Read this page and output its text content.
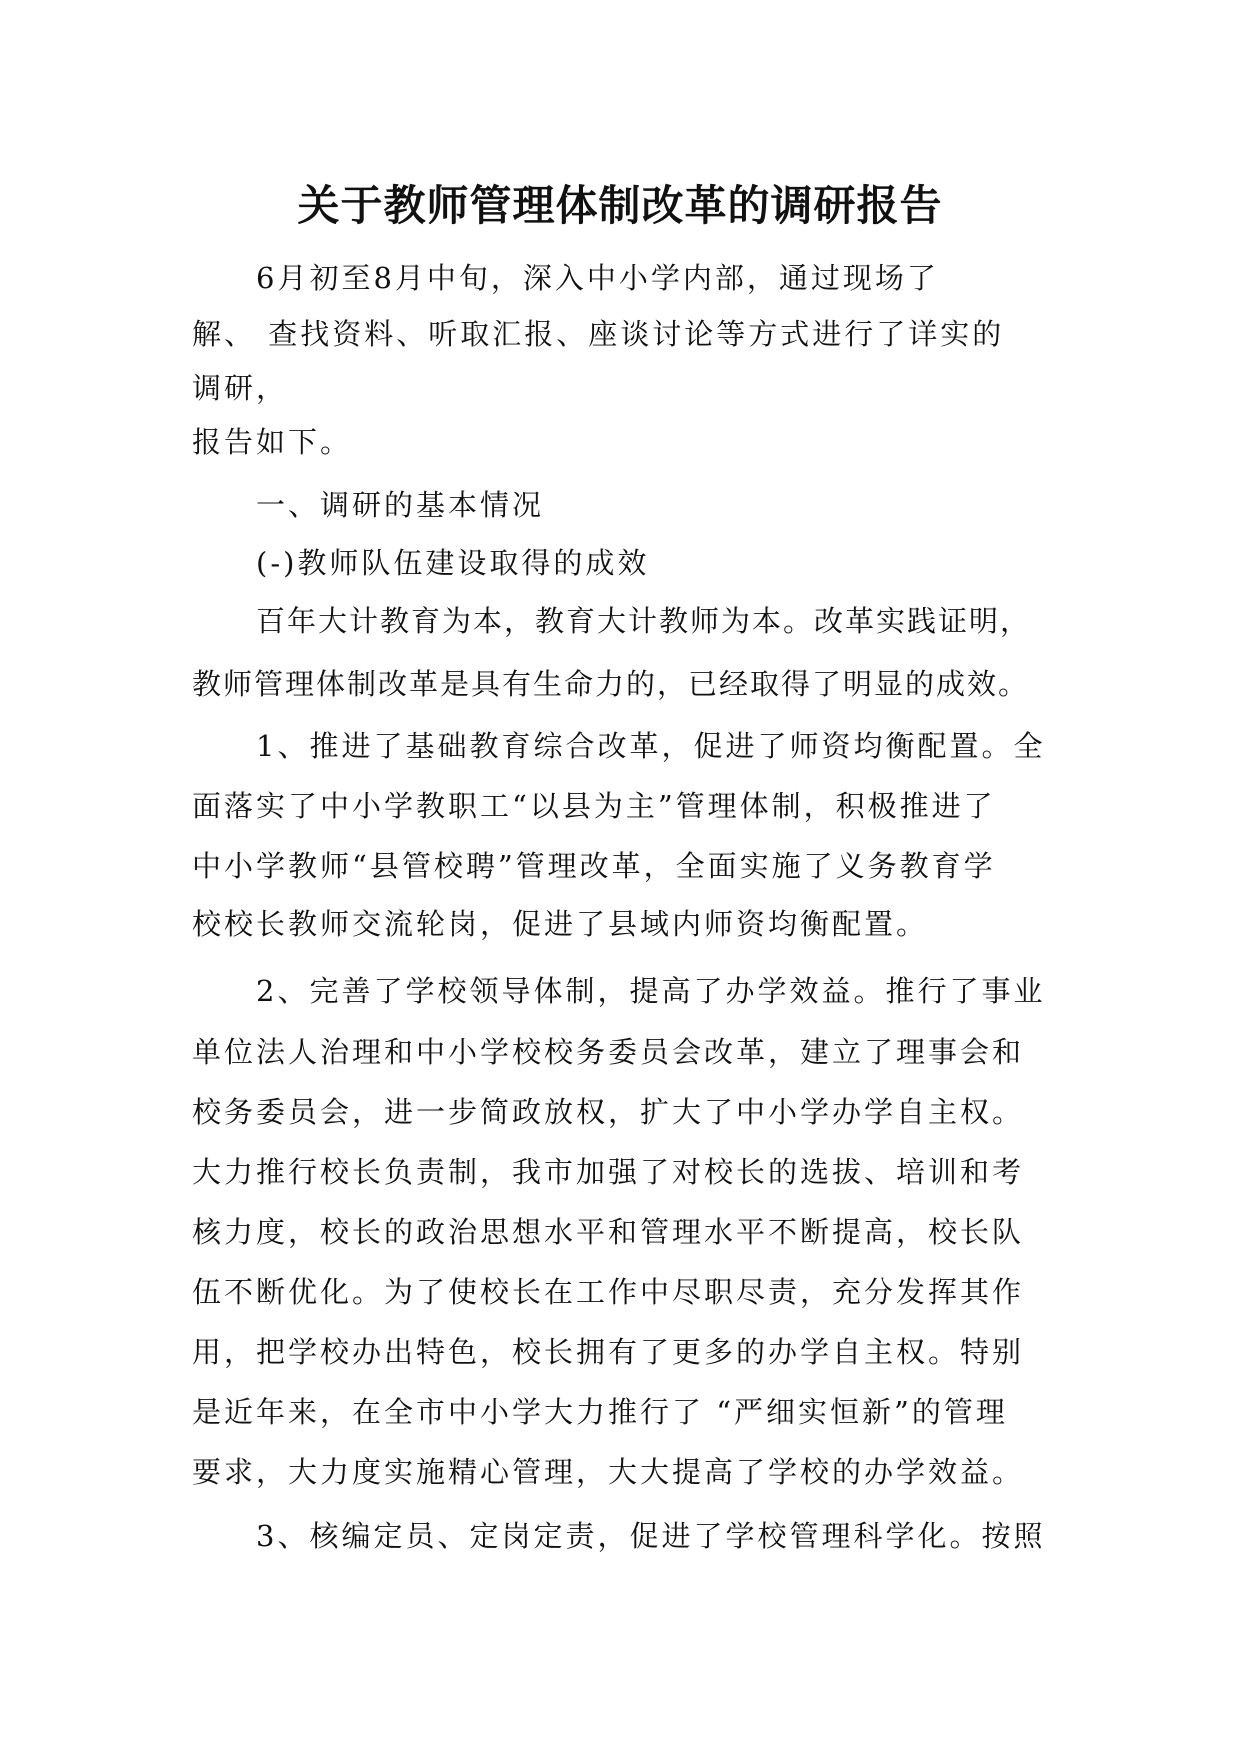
关于教师管理体制改革的调研报告
6月初至8月中旬，深入中小学内部，通过现场了
解、 查找资料、听取汇报、座谈讨论等方式进行了详实的
调研，
报告如下。
一、调研的基本情况
(-)教师队伍建设取得的成效
百年大计教育为本，教育大计教师为本。改革实践证明，
教师管理体制改革是具有生命力的，已经取得了明显的成效。
1、推进了基础教育综合改革，促进了师资均衡配置。全
面落实了中小学教职工“以县为主”管理体制，积极推进了
中小学教师“县管校聘”管理改革，全面实施了义务教育学
校校长教师交流轮岗，促进了县域内师资均衡配置。
2、完善了学校领导体制，提高了办学效益。推行了事业
单位法人治理和中小学校校务委员会改革，建立了理事会和
校务委员会，进一步简政放权，扩大了中小学办学自主权。
大力推行校长负责制，我市加强了对校长的选拔、培训和考
核力度，校长的政治思想水平和管理水平不断提高，校长队
伍不断优化。为了使校长在工作中尽职尽责，充分发挥其作
用，把学校办出特色，校长拥有了更多的办学自主权。特别
是近年来，在全市中小学大力推行了 “严细实恒新”的管理
要求，大力度实施精心管理，大大提高了学校的办学效益。
3、核编定员、定岗定责，促进了学校管理科学化。按照
